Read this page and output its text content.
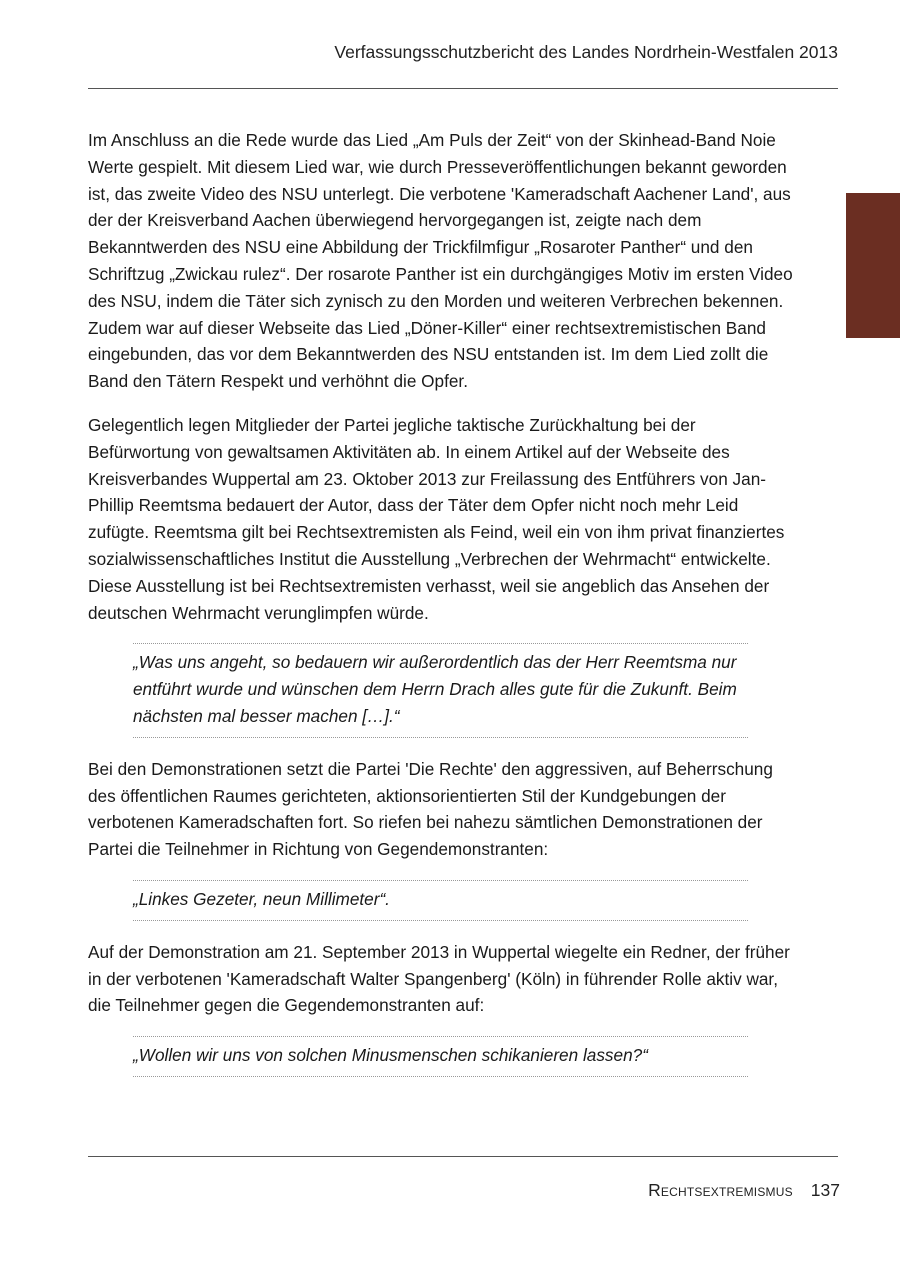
Verfassungsschutzbericht des Landes Nordrhein-Westfalen 2013

Im Anschluss an die Rede wurde das Lied „Am Puls der Zeit“ von der Skinhead-Band Noie Werte gespielt. Mit diesem Lied war, wie durch Presseveröffentlichungen bekannt geworden ist, das zweite Video des NSU unterlegt. Die verbotene 'Kameradschaft Aachener Land', aus der der Kreisverband Aachen überwiegend hervorgegangen ist, zeigte nach dem Bekanntwerden des NSU eine Abbildung der Trickfilmfigur „Rosaroter Panther“ und den Schriftzug „Zwickau rulez“. Der rosarote Panther ist ein durchgängiges Motiv im ersten Video des NSU, indem die Täter sich zynisch zu den Morden und weiteren Verbrechen bekennen. Zudem war auf dieser Webseite das Lied „Döner-Killer“ einer rechtsextremistischen Band eingebunden, das vor dem Bekanntwerden des NSU entstanden ist. Im dem Lied zollt die Band den Tätern Respekt und verhöhnt die Opfer.

Gelegentlich legen Mitglieder der Partei jegliche taktische Zurückhaltung bei der Befürwortung von gewaltsamen Aktivitäten ab. In einem Artikel auf der Webseite des Kreisverbandes Wuppertal am 23. Oktober 2013 zur Freilassung des Entführers von Jan-Phillip Reemtsma bedauert der Autor, dass der Täter dem Opfer nicht noch mehr Leid zufügte. Reemtsma gilt bei Rechtsextremisten als Feind, weil ein von ihm privat finanziertes sozialwissenschaftliches Institut die Ausstellung „Verbrechen der Wehrmacht“ entwickelte. Diese Ausstellung ist bei Rechtsextremisten verhasst, weil sie angeblich das Ansehen der deutschen Wehrmacht verunglimpfen würde.

„Was uns angeht, so bedauern wir außerordentlich das der Herr Reemtsma nur entführt wurde und wünschen dem Herrn Drach alles gute für die Zukunft. Beim nächsten mal besser machen […].“

Bei den Demonstrationen setzt die Partei 'Die Rechte' den aggressiven, auf Beherrschung des öffentlichen Raumes gerichteten, aktionsorientierten Stil der Kundgebungen der verbotenen Kameradschaften fort. So riefen bei nahezu sämtlichen Demonstrationen der Partei die Teilnehmer in Richtung von Gegendemonstranten:

„Linkes Gezeter, neun Millimeter“.

Auf der Demonstration am 21. September 2013 in Wuppertal wiegelte ein Redner, der früher in der verbotenen 'Kameradschaft Walter Spangenberg' (Köln) in führender Rolle aktiv war, die Teilnehmer gegen die Gegendemonstranten auf:

„Wollen wir uns von solchen Minusmenschen schikanieren lassen?“
Rechtsextremismus 137
